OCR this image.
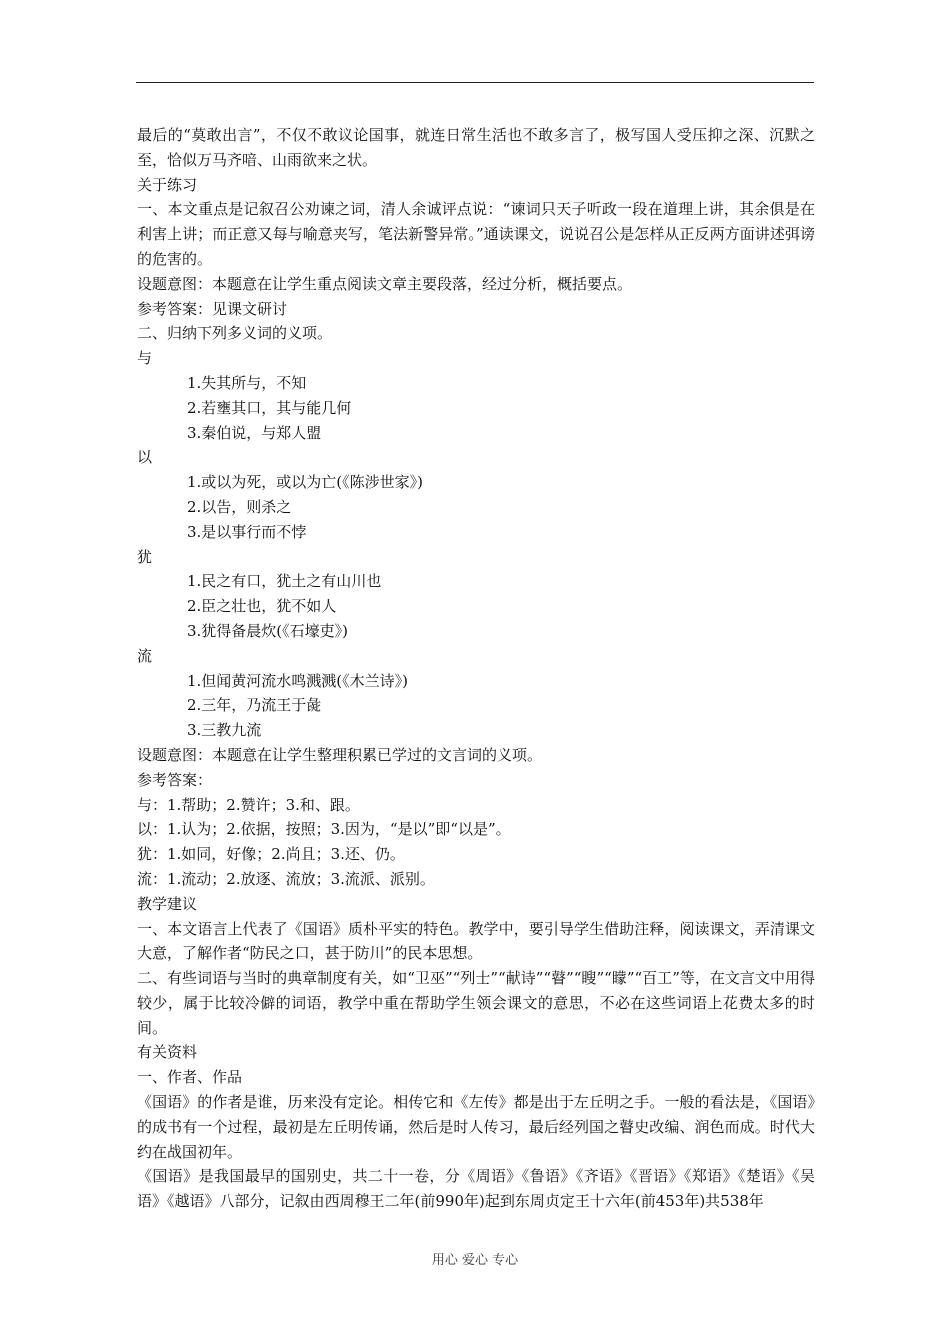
最后的“莫敢出言”，不仅不敢议论国事，就连日常生活也不敢多言了，极写国人受压抑之深、沉默之至，恰似万马齐喑、山雨欲来之状。

关于练习

一、本文重点是记叙召公劝谏之词，清人余诚评点说：“谏词只天子听政一段在道理上讲，其余俱是在利害上讲；而正意又每与喻意夹写，笔法新警异常。”通读课文，说说召公是怎样从正反两方面讲述弭谤的危害的。

设题意图：本题意在让学生重点阅读文章主要段落，经过分析，概括要点。

参考答案：见课文研讨

二、归纳下列多义词的义项。

与

1.失其所与，不知

2.若壅其口，其与能几何

3.秦伯说，与郑人盟

以

1.或以为死，或以为亡(《陈涉世家》)

2.以告，则杀之

3.是以事行而不悖

犹

1.民之有口，犹土之有山川也

2.臣之壮也，犹不如人

3.犹得备晨炊(《石壕吏》)

流

1.但闻黄河流水鸣溅溅(《木兰诗》)

2.三年，乃流王于彘

3.三教九流

设题意图：本题意在让学生整理积累已学过的文言词的义项。

参考答案：

与：1.帮助；2.赞许；3.和、跟。

以：1.认为；2.依据，按照；3.因为，“是以”即“以是”。

犹：1.如同，好像；2.尚且；3.还、仍。

流：1.流动；2.放逐、流放；3.流派、派别。

教学建议

一、本文语言上代表了《国语》质朴平实的特色。教学中，要引导学生借助注释，阅读课文，弄清课文大意，了解作者“防民之口，甚于防川”的民本思想。

二、有些词语与当时的典章制度有关，如“卫巫”“列士”“献诗”“瞽”“瞍”“矇”“百工”等，在文言文中用得较少，属于比较冷僻的词语，教学中重在帮助学生领会课文的意思，不必在这些词语上花费太多的时间。

有关资料

一、作者、作品

《国语》的作者是谁，历来没有定论。相传它和《左传》都是出于左丘明之手。一般的看法是，《国语》的成书有一个过程，最初是左丘明传诵，然后是时人传习，最后经列国之瞽史改编、润色而成。时代大约在战国初年。

《国语》是我国最早的国别史，共二十一卷，分《周语》《鲁语》《齐语》《晋语》《郑语》《楚语》《吴语》《越语》八部分，记叙由西周穆王二年(前990年)起到东周贞定王十六年(前453年)共538年

用心 爱心 专心
